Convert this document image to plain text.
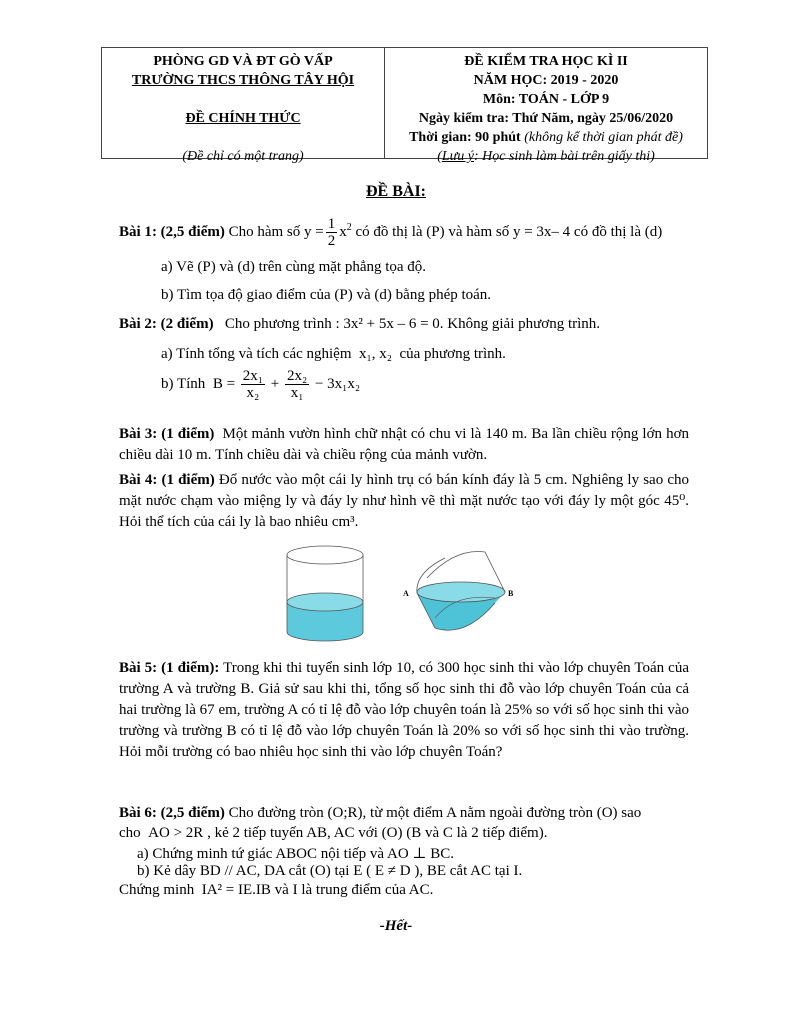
PHÒNG GD VÀ ĐT GÒ VẤP
TRƯỜNG THCS THÔNG TÂY HỘI
ĐỀ CHÍNH THỨC
(Đề chỉ có một trang)
ĐỀ KIỂM TRA HỌC KÌ II
NĂM HỌC: 2019 - 2020
Môn: TOÁN - LỚP 9
Ngày kiểm tra: Thứ Năm, ngày 25/06/2020
Thời gian: 90 phút (không kể thời gian phát đề)
(Lưu ý: Học sinh làm bài trên giấy thi)
ĐỀ BÀI:
Bài 1: (2,5 điểm) Cho hàm số $y = \frac{1}{2} x^2$ có đồ thị là (P) và hàm số y = 3x– 4 có đồ thị là (d)
a) Vẽ (P) và (d) trên cùng mặt phẳng tọa độ.
b) Tìm tọa độ giao điểm của (P) và (d) bằng phép toán.
Bài 2: (2 điểm) Cho phương trình : 3x² + 5x – 6 = 0. Không giải phương trình.
a) Tính tổng và tích các nghiệm x₁, x₂ của phương trình.
b) Tính $B = \frac{\text{2x₁}}{\text{x₂}} + \frac{\text{2x₂}}{\text{x₁}} - 3x_1x_2$
Bài 3: (1 điểm) Một mảnh vườn hình chữ nhật có chu vi là 140 m. Ba lần chiều rộng lớn hơn chiều dài 10 m. Tính chiều dài và chiều rộng của mảnh vườn.
Bài 4: (1 điểm) Đổ nước vào một cái ly hình trụ có bán kính đáy là 5 cm. Nghiêng ly sao cho mặt nước chạm vào miệng ly và đáy ly như hình vẽ thì mặt nước tạo với đáy ly một góc 45⁰. Hỏi thể tích của cái ly là bao nhiêu cm³.
A	B
Bài 5: (1 điểm): Trong khi thi tuyển sinh lớp 10, có 300 học sinh thi vào lớp chuyên Toán của trường A và trường B. Giả sử sau khi thi, tổng số học sinh thi đỗ vào lớp chuyên Toán của cả hai trường là 67 em, trường A có tỉ lệ đỗ vào lớp chuyên toán là 25% so với số học sinh thi vào trường và trường B có tỉ lệ đỗ vào lớp chuyên Toán là 20% so với số học sinh thi vào trường. Hỏi mỗi trường có bao nhiêu học sinh thi vào lớp chuyên Toán?
Bài 6: (2,5 điểm) Cho đường tròn (O;R), từ một điểm A nằm ngoài đường tròn (O) sao
cho AO > 2R , kẻ 2 tiếp tuyến AB, AC với (O) (B và C là 2 tiếp điểm).
a) Chứng minh tứ giác ABOC nội tiếp và AO ⊥ BC.
b) Kẻ dây BD // AC, DA cắt (O) tại E ( E ≠ D ), BE cắt AC tại I.
Chứng minh IA² = IE.IB và I là trung điểm của AC.
-Hết-
